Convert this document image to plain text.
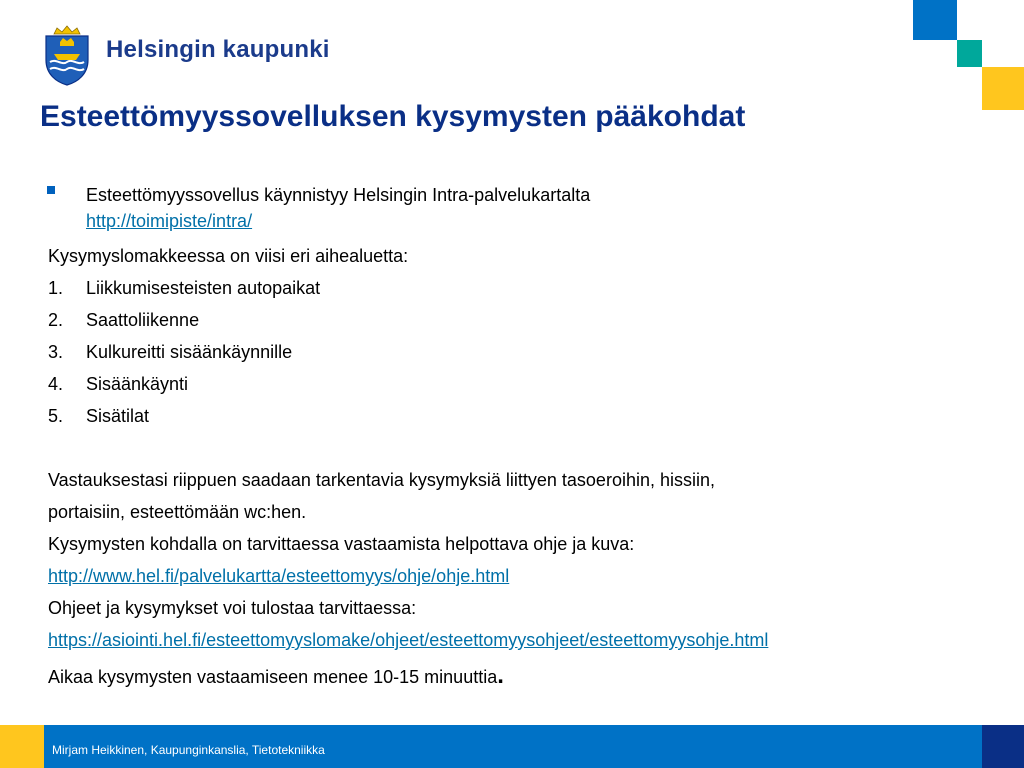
Helsingin kaupunki
Esteettömyyssovelluksen kysymysten pääkohdat
Esteettömyyssovellus käynnistyy Helsingin Intra-palvelukartalta
http://toimipiste/intra/
Kysymyslomakkeessa on viisi eri aihealuetta:
1. Liikkumisesteisten autopaikat
2. Saattoliikenne
3. Kulkureitti sisäänkäynnille
4. Sisäänkäynti
5. Sisätilat
Vastauksestasi riippuen saadaan tarkentavia kysymyksiä liittyen tasoeroihin, hissiin,
portaisiin, esteettömään wc:hen.
Kysymysten kohdalla on tarvittaessa vastaamista helpottava ohje ja kuva:
http://www.hel.fi/palvelukartta/esteettomyys/ohje/ohje.html
Ohjeet ja kysymykset voi tulostaa tarvittaessa:
https://asiointi.hel.fi/esteettomyyslomake/ohjeet/esteettomyysohjeet/esteettomyysohje.html
Aikaa kysymysten vastaamiseen menee 10-15 minuuttia.
Mirjam Heikkinen, Kaupunginkanslia, Tietotekniikka
